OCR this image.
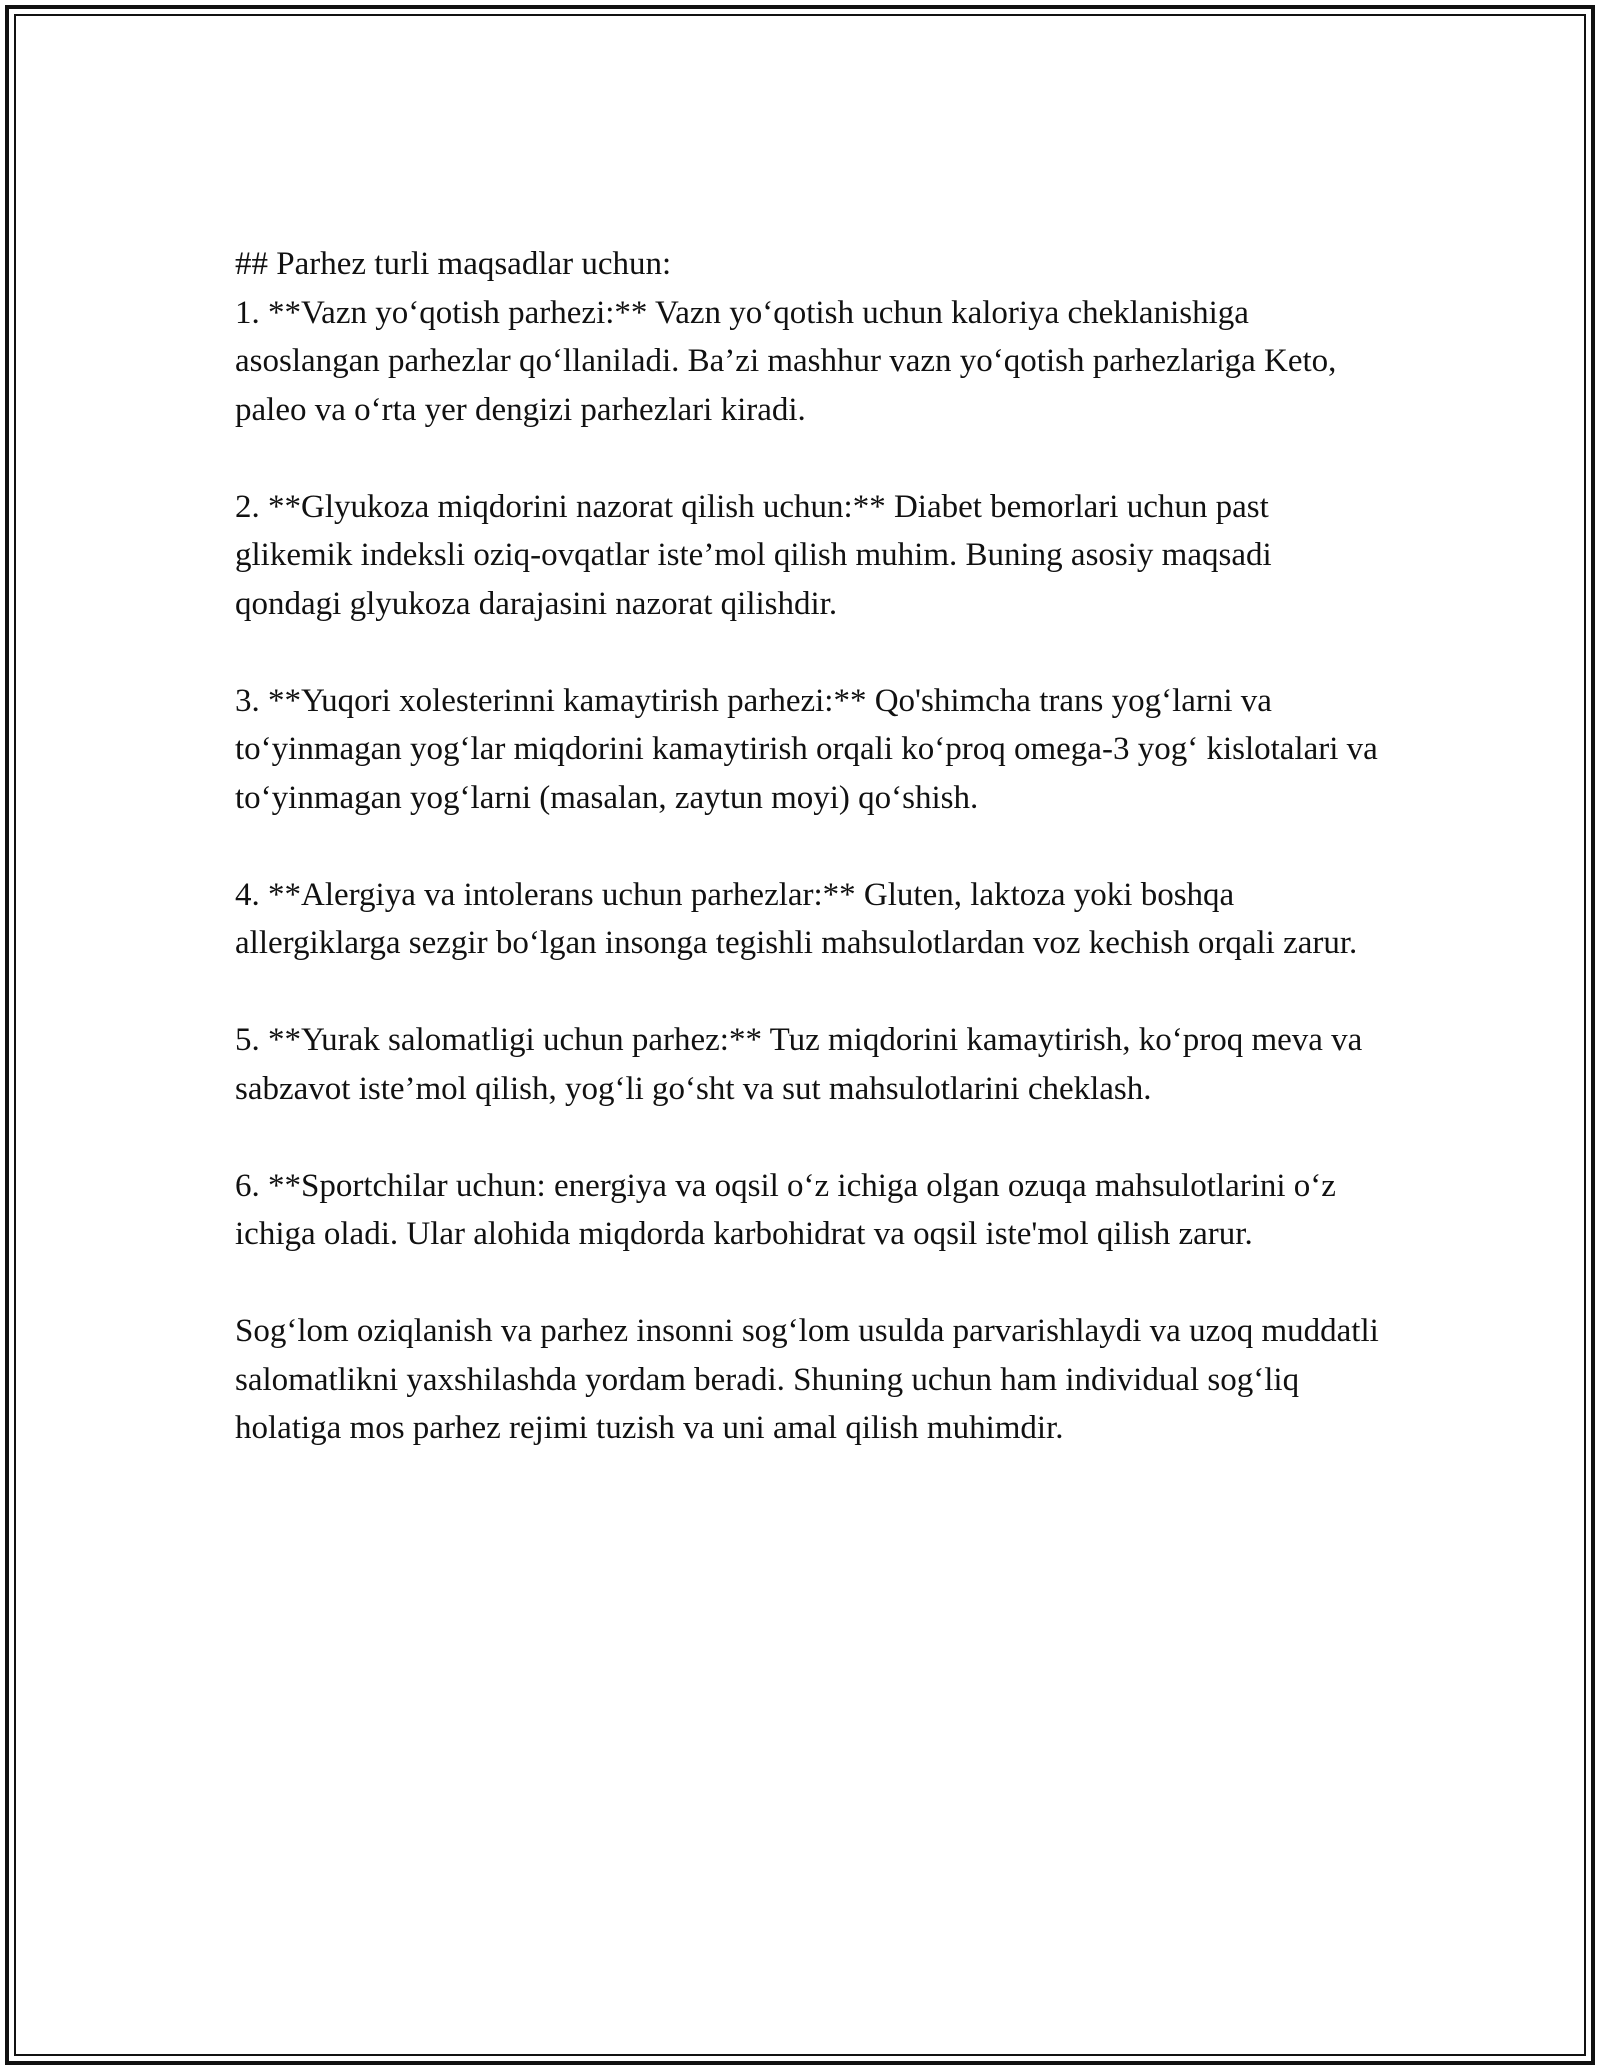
## Parhez turli maqsadlar uchun:
1. **Vazn yo‘qotish parhezi:** Vazn yo‘qotish uchun kaloriya cheklanishiga asoslangan parhezlar qo‘llaniladi. Ba’zi mashhur vazn yo‘qotish parhezlariga Keto, paleo va o‘rta yer dengizi parhezlari kiradi.

2. **Glyukoza miqdorini nazorat qilish uchun:** Diabet bemorlari uchun past glikemik indeksli oziq-ovqatlar iste’mol qilish muhim. Buning asosiy maqsadi qondagi glyukoza darajasini nazorat qilishdir.

3. **Yuqori xolesterinni kamaytirish parhezi:** Qo'shimcha trans yog‘larni va to‘yinmagan yog‘lar miqdorini kamaytirish orqali ko‘proq omega-3 yog‘ kislotalari va to‘yinmagan yog‘larni (masalan, zaytun moyi) qo‘shish.

4. **Alergiya va intolerans uchun parhezlar:** Gluten, laktoza yoki boshqa allergiklarga sezgir bo‘lgan insonga tegishli mahsulotlardan voz kechish orqali zarur.

5. **Yurak salomatligi uchun parhez:** Tuz miqdorini kamaytirish, ko‘proq meva va sabzavot iste’mol qilish, yog‘li go‘sht va sut mahsulotlarini cheklash.

6. **Sportchilar uchun: energiya va oqsil o‘z ichiga olgan ozuqa mahsulotlarini o‘z ichiga oladi. Ular alohida miqdorda karbohidrat va oqsil iste'mol qilish zarur.

Sog‘lom oziqlanish va parhez insonni sog‘lom usulda parvarishlaydi va uzoq muddatli salomatlikni yaxshilashda yordam beradi. Shuning uchun ham individual sog‘liq holatiga mos parhez rejimi tuzish va uni amal qilish muhimdir.
